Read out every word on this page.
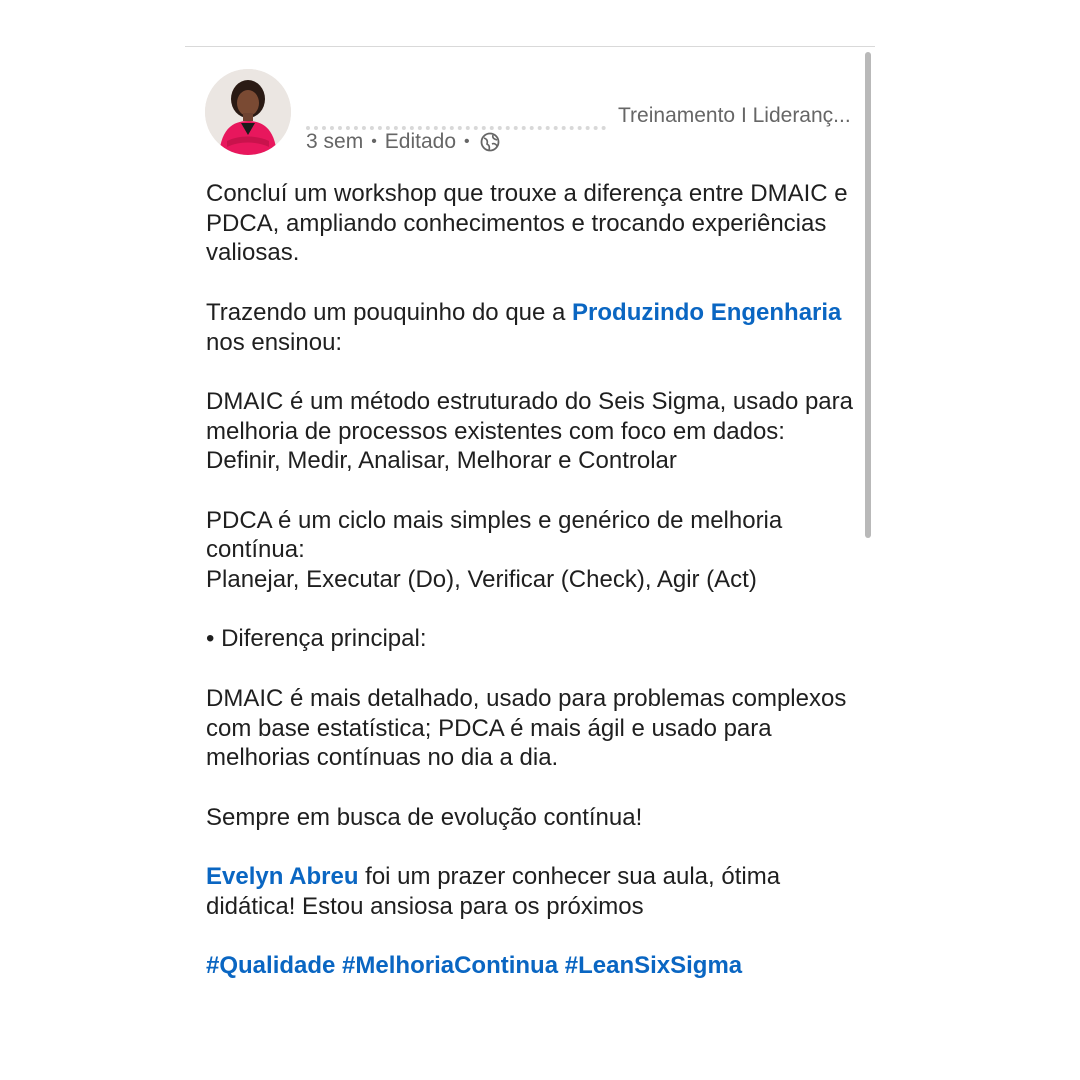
Treinamento I Lideranç...
3 sem • Editado •

Concluí um workshop que trouxe a diferença entre DMAIC e PDCA, ampliando conhecimentos e trocando experiências valiosas.

Trazendo um pouquinho do que a Produzindo Engenharia nos ensinou:

DMAIC é um método estruturado do Seis Sigma, usado para melhoria de processos existentes com foco em dados:

Definir, Medir, Analisar, Melhorar e Controlar

PDCA é um ciclo mais simples e genérico de melhoria contínua:

Planejar, Executar (Do), Verificar (Check), Agir (Act)

• Diferença principal:

DMAIC é mais detalhado, usado para problemas complexos com base estatística; PDCA é mais ágil e usado para melhorias contínuas no dia a dia.

Sempre em busca de evolução contínua!

Evelyn Abreu foi um prazer conhecer sua aula, ótima didática! Estou ansiosa para os próximos

#Qualidade #MelhoriaContinua #LeanSixSigma
